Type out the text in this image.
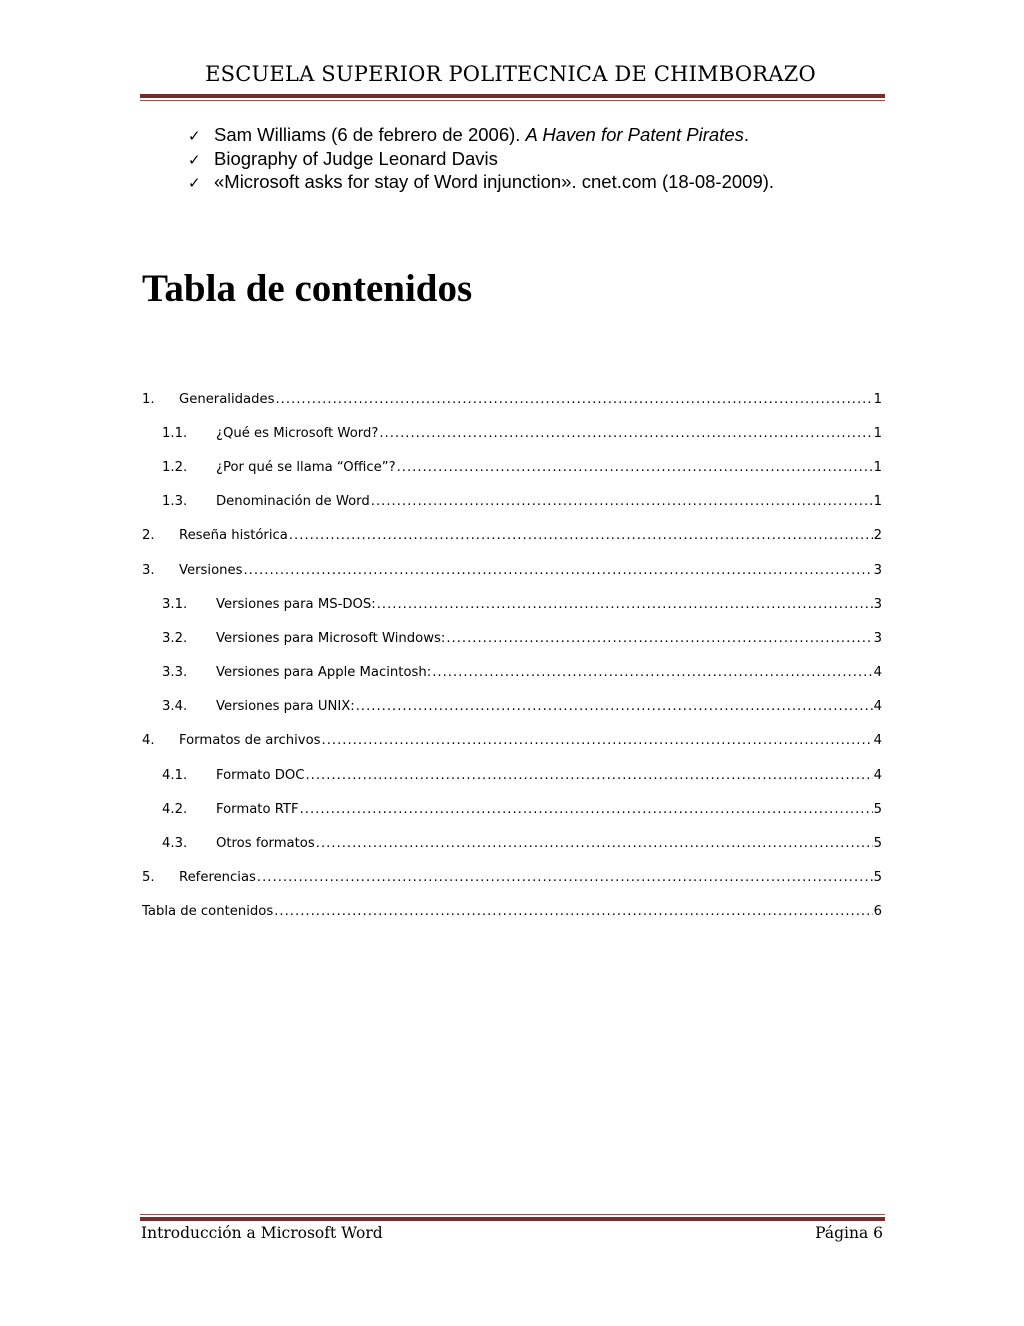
ESCUELA SUPERIOR POLITECNICA DE CHIMBORAZO
✓ Sam Williams (6 de febrero de 2006). A Haven for Patent Pirates.
✓ Biography of Judge Leonard Davis
✓ «Microsoft asks for stay of Word injunction». cnet.com (18-08-2009).
Tabla de contenidos
1.	Generalidades .....	1
1.1.	¿Qué es Microsoft Word? .....	1
1.2.	¿Por qué se llama “Office”? .....	1
1.3.	Denominación de Word .....	1
2.	Reseña histórica .....	2
3.	Versiones .....	3
3.1.	Versiones para MS-DOS: .....	3
3.2.	Versiones para Microsoft Windows: .....	3
3.3.	Versiones para Apple Macintosh: .....	4
3.4.	Versiones para UNIX: .....	4
4.	Formatos de archivos .....	4
4.1.	Formato DOC .....	4
4.2.	Formato RTF .....	5
4.3.	Otros formatos .....	5
5.	Referencias .....	5
Tabla de contenidos .....	6
Introducción a Microsoft Word	Página 6
